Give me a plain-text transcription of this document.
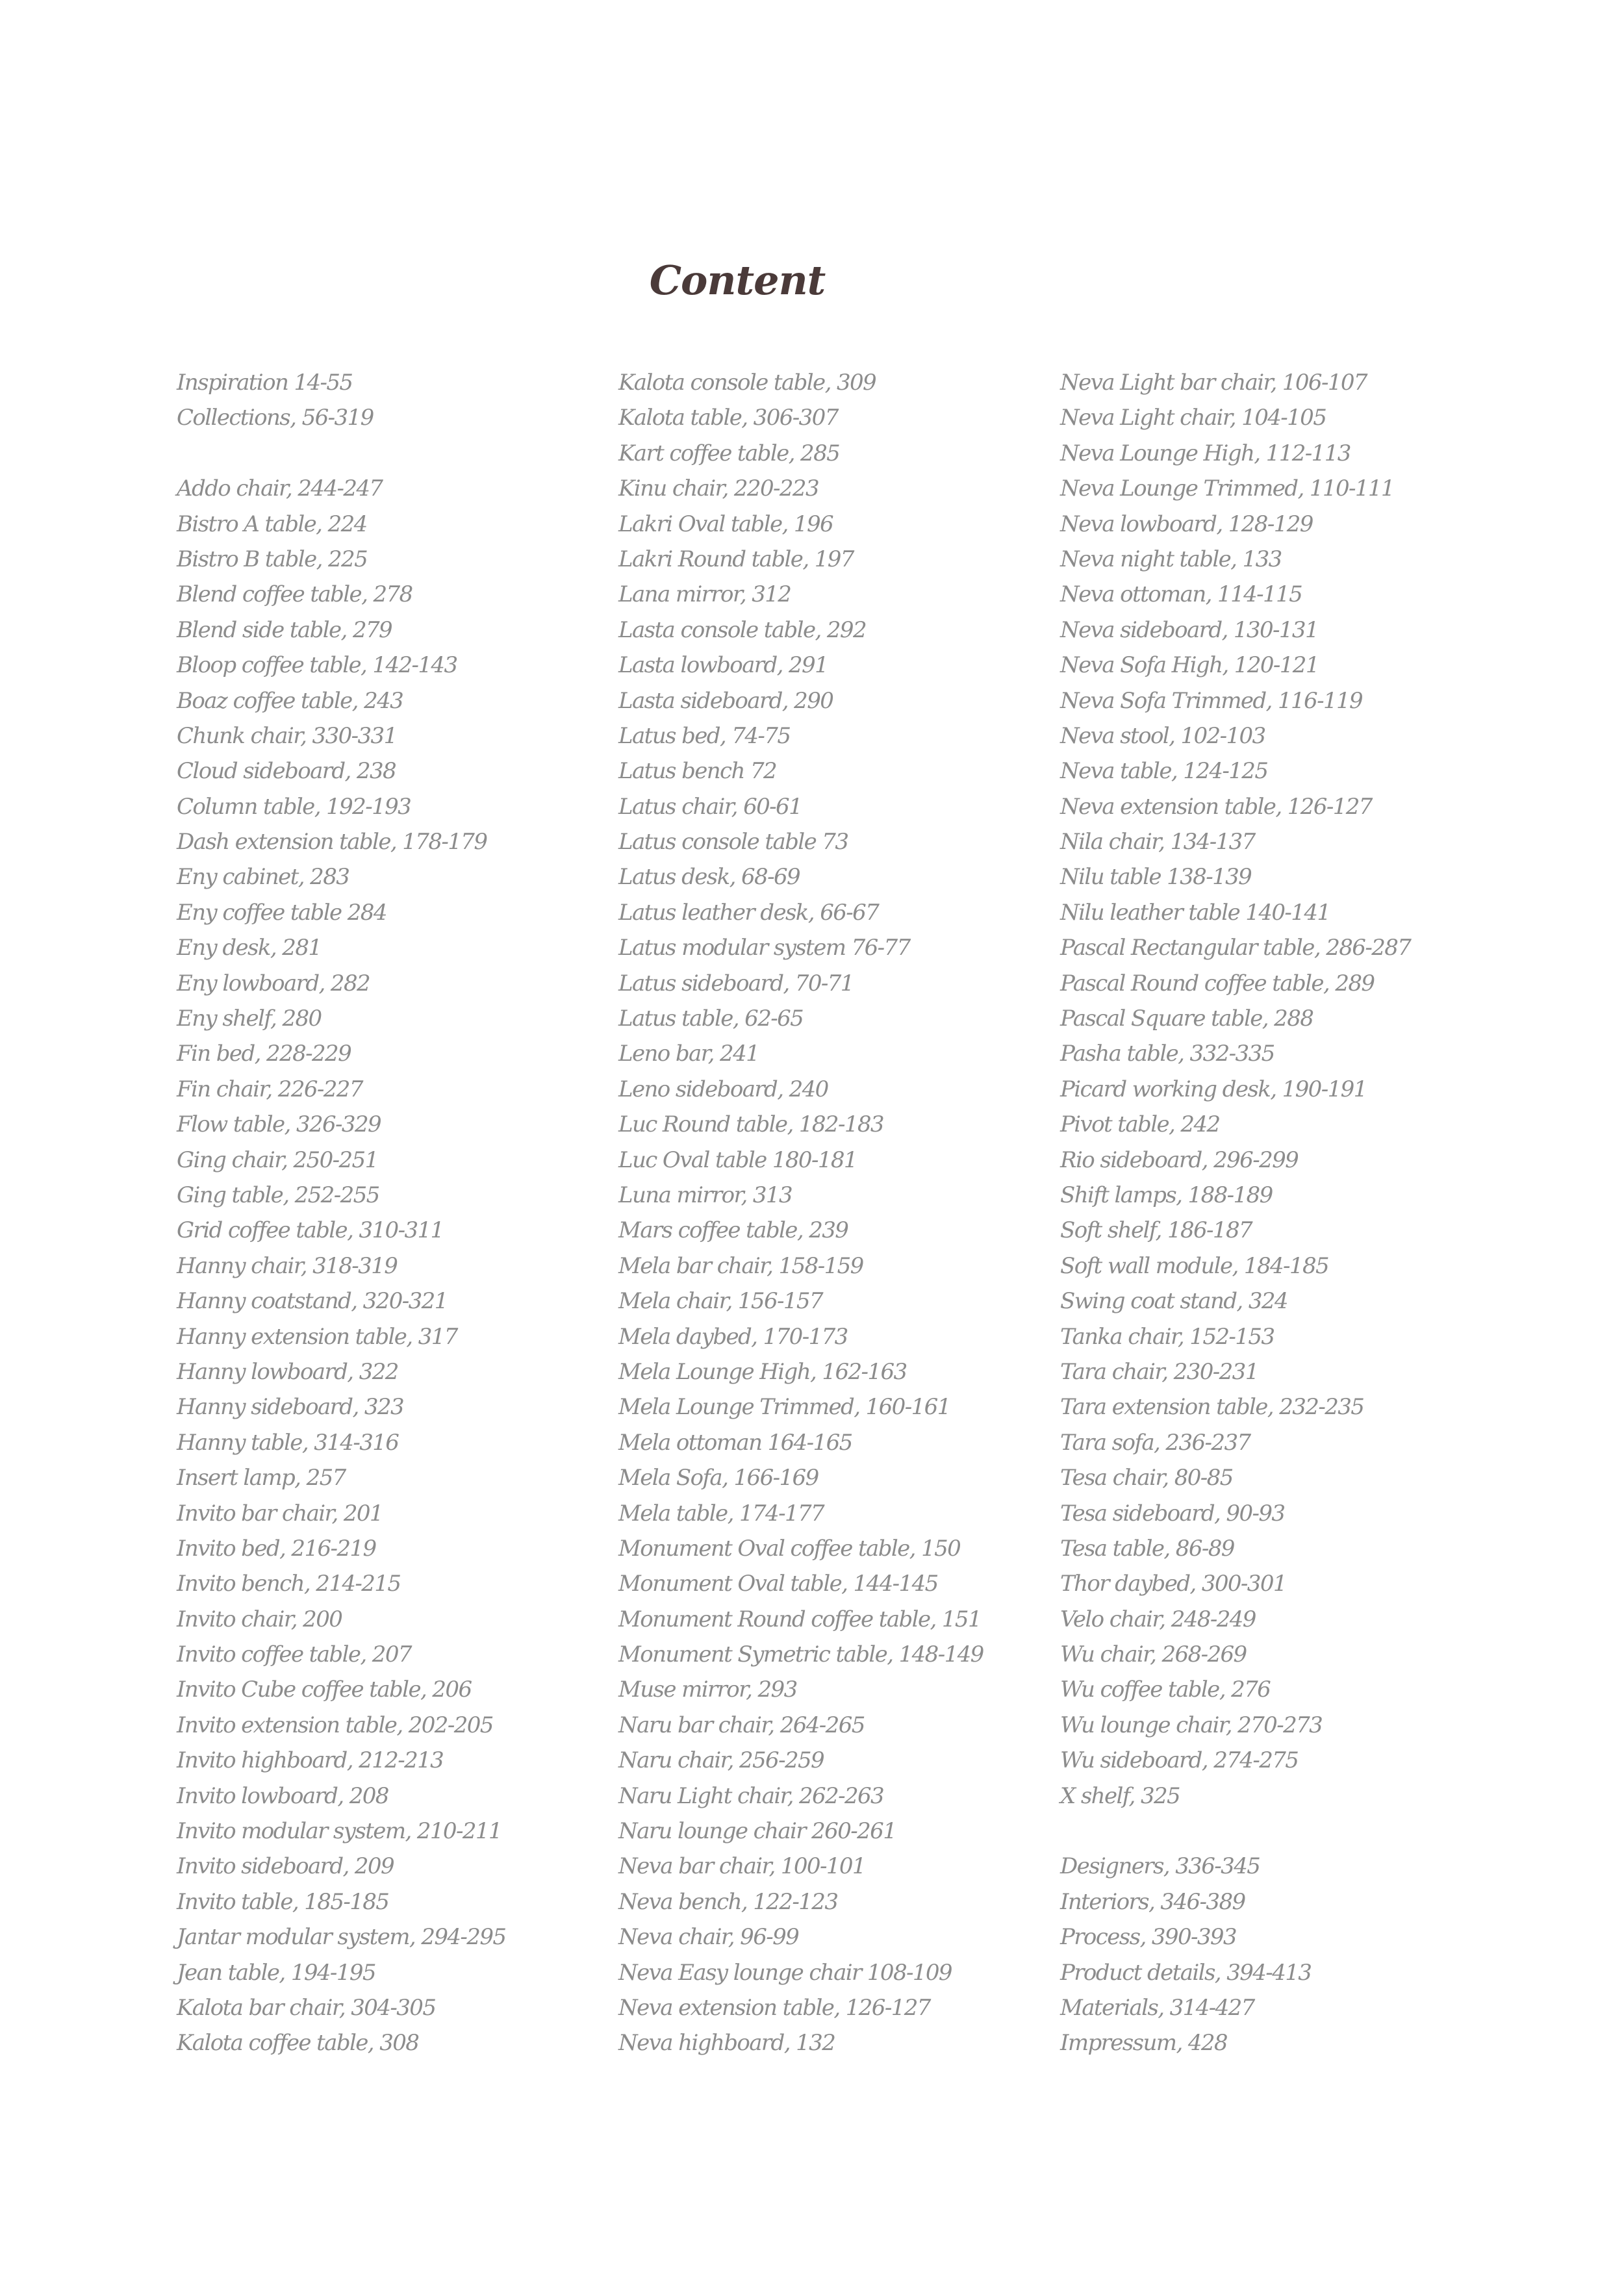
Content
Inspiration 14-55
Collections, 56-319
Addo chair, 244-247
Bistro A table, 224
Bistro B table, 225
Blend coffee table, 278
Blend side table, 279
Bloop coffee table, 142-143
Boaz coffee table, 243
Chunk chair, 330-331
Cloud sideboard, 238
Column table, 192-193
Dash extension table, 178-179
Eny cabinet, 283
Eny coffee table 284
Eny desk, 281
Eny lowboard, 282
Eny shelf, 280
Fin bed, 228-229
Fin chair, 226-227
Flow table, 326-329
Ging chair, 250-251
Ging table, 252-255
Grid coffee table, 310-311
Hanny chair, 318-319
Hanny coatstand, 320-321
Hanny extension table, 317
Hanny lowboard, 322
Hanny sideboard, 323
Hanny table, 314-316
Insert lamp, 257
Invito bar chair, 201
Invito bed, 216-219
Invito bench, 214-215
Invito chair, 200
Invito coffee table, 207
Invito Cube coffee table, 206
Invito extension table, 202-205
Invito highboard, 212-213
Invito lowboard, 208
Invito modular system, 210-211
Invito sideboard, 209
Invito table, 185-185
Jantar modular system, 294-295
Jean table, 194-195
Kalota bar chair, 304-305
Kalota coffee table, 308
Kalota console table, 309
Kalota table, 306-307
Kart coffee table, 285
Kinu chair, 220-223
Lakri Oval table, 196
Lakri Round table, 197
Lana mirror, 312
Lasta console table, 292
Lasta lowboard, 291
Lasta sideboard, 290
Latus bed, 74-75
Latus bench 72
Latus chair, 60-61
Latus console table 73
Latus desk, 68-69
Latus leather desk, 66-67
Latus modular system 76-77
Latus sideboard, 70-71
Latus table, 62-65
Leno bar, 241
Leno sideboard, 240
Luc Round table, 182-183
Luc Oval table 180-181
Luna mirror, 313
Mars coffee table, 239
Mela bar chair, 158-159
Mela chair, 156-157
Mela daybed, 170-173
Mela Lounge High, 162-163
Mela Lounge Trimmed, 160-161
Mela ottoman 164-165
Mela Sofa, 166-169
Mela table, 174-177
Monument Oval coffee table, 150
Monument Oval table, 144-145
Monument Round coffee table, 151
Monument Symetric table, 148-149
Muse mirror, 293
Naru bar chair, 264-265
Naru chair, 256-259
Naru Light chair, 262-263
Naru lounge chair 260-261
Neva bar chair, 100-101
Neva bench, 122-123
Neva chair, 96-99
Neva Easy lounge chair 108-109
Neva extension table, 126-127
Neva highboard, 132
Neva Light bar chair, 106-107
Neva Light chair, 104-105
Neva Lounge High, 112-113
Neva Lounge Trimmed, 110-111
Neva lowboard, 128-129
Neva night table, 133
Neva ottoman, 114-115
Neva sideboard, 130-131
Neva Sofa High, 120-121
Neva Sofa Trimmed, 116-119
Neva stool, 102-103
Neva table, 124-125
Neva extension table, 126-127
Nila chair, 134-137
Nilu table 138-139
Nilu leather table 140-141
Pascal Rectangular table, 286-287
Pascal Round coffee table, 289
Pascal Square table, 288
Pasha table, 332-335
Picard working desk, 190-191
Pivot table, 242
Rio sideboard, 296-299
Shift lamps, 188-189
Soft shelf, 186-187
Soft wall module, 184-185
Swing coat stand, 324
Tanka chair, 152-153
Tara chair, 230-231
Tara extension table, 232-235
Tara sofa, 236-237
Tesa chair, 80-85
Tesa sideboard, 90-93
Tesa table, 86-89
Thor daybed, 300-301
Velo chair, 248-249
Wu chair, 268-269
Wu coffee table, 276
Wu lounge chair, 270-273
Wu sideboard, 274-275
X shelf, 325
Designers, 336-345
Interiors, 346-389
Process, 390-393
Product details, 394-413
Materials, 314-427
Impressum, 428
